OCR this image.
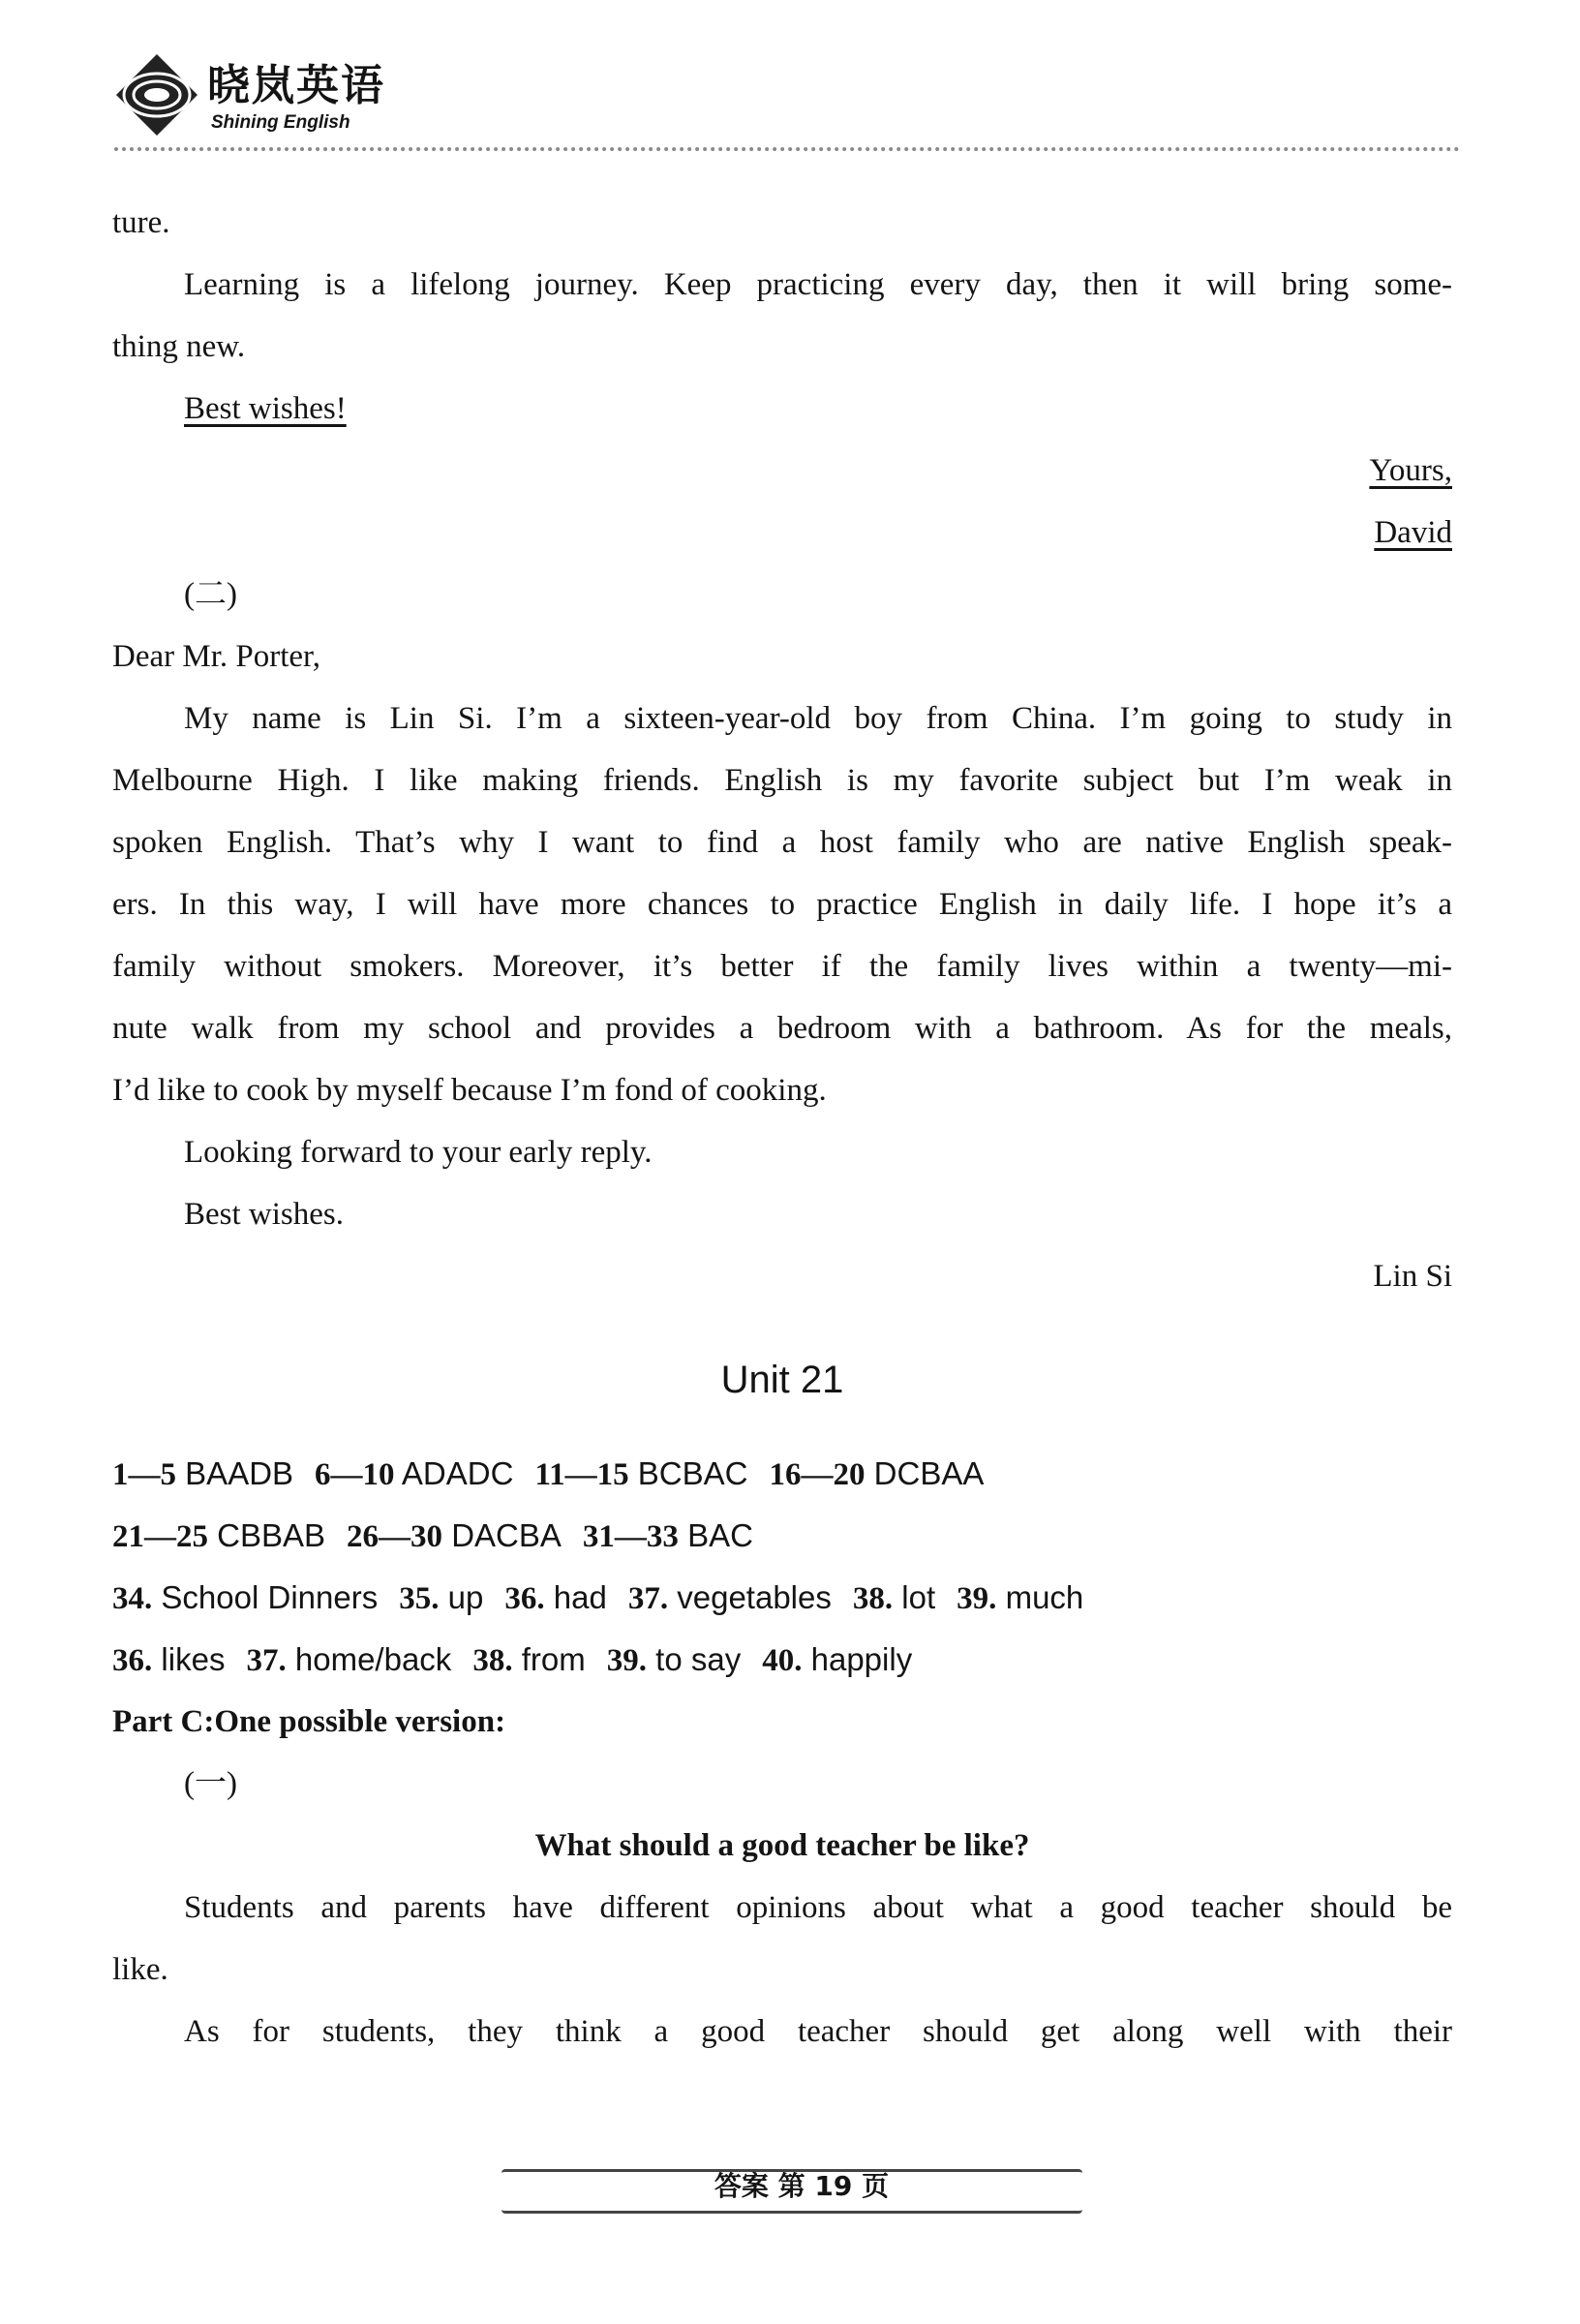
晓岚英语
Shining English
ture.
Learning is a lifelong journey. Keep practicing every day, then it will bring some-
thing new.
Best wishes!
Yours,
David
(二)
Dear Mr. Porter,
My name is Lin Si. I’m a sixteen-year-old boy from China. I’m going to study in
Melbourne High. I like making friends. English is my favorite subject but I’m weak in
spoken English. That’s why I want to find a host family who are native English speak-
ers. In this way, I will have more chances to practice English in daily life. I hope it’s a
family without smokers. Moreover, it’s better if the family lives within a twenty—mi-
nute walk from my school and provides a bedroom with a bathroom. As for the meals,
I’d like to cook by myself because I’m fond of cooking.
Looking forward to your early reply.
Best wishes.
Lin Si
Unit 21
1—5 BAADB 6—10 ADADC 11—15 BCBAC 16—20 DCBAA
21—25 CBBAB 26—30 DACBA 31—33 BAC
34. School Dinners 35. up 36. had 37. vegetables 38. lot 39. much
36. likes 37. home/back 38. from 39. to say 40. happily
Part C:One possible version:
(一)
What should a good teacher be like?
Students and parents have different opinions about what a good teacher should be
like.
As for students, they think a good teacher should get along well with their
答案 第 19 页
